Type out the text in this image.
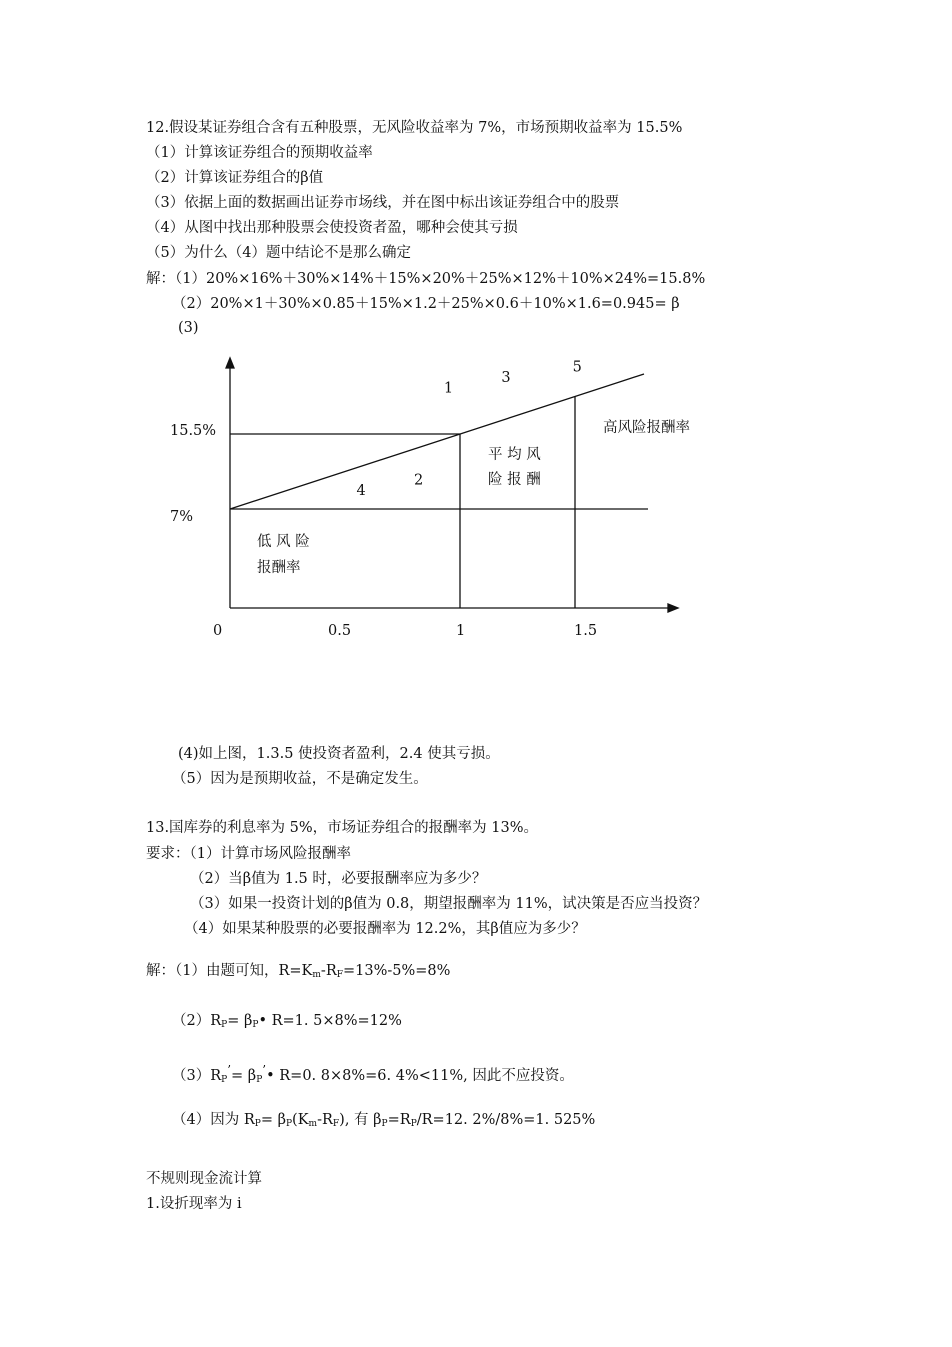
12.假设某证券组合含有五种股票，无风险收益率为 7%，市场预期收益率为 15.5%
（1）计算该证券组合的预期收益率
（2）计算该证券组合的β值
（3）依据上面的数据画出证券市场线，并在图中标出该证券组合中的股票
（4）从图中找出那种股票会使投资者盈，哪种会使其亏损
（5）为什么（4）题中结论不是那么确定
解：（1）20%×16%＋30%×14%＋15%×20%＋25%×12%＋10%×24%=15.8%
（2）20%×1＋30%×0.85＋15%×1.2＋25%×0.6＋10%×1.6=0.945= β
(3)
1
3
5
2
4
0	0.5	1	1.5
7%
15.5%
低 风 险
报酬率
平 均 风
险 报 酬
高风险报酬率
(4)如上图，1.3.5 使投资者盈利，2.4 使其亏损。
（5）因为是预期收益，不是确定发生。
13.国库券的利息率为 5%，市场证券组合的报酬率为 13%。
要求：（1）计算市场风险报酬率
（2）当β值为 1.5 时，必要报酬率应为多少？
（3）如果一投资计划的β值为 0.8，期望报酬率为 11%，试决策是否应当投资？
（4）如果某种股票的必要报酬率为 12.2%，其β值应为多少？
解：（1）由题可知，$R=K_m-R_F=13\%-5\%=8\%$
$(2)R_P=$ $\beta_P•$ R=1. 5×8%=12%
$(3)R_P^’=$ $\beta_P^’•$ R=0. 8×8%=6. 4%<11%, 因此不应投资。
（4）因为 $R_P= \beta_P(K_m-R_F)$, 有 $\beta_P=R_P/R=12$. 2%/8%=1. 525%
不规则现金流计算
1.设折现率为 i
